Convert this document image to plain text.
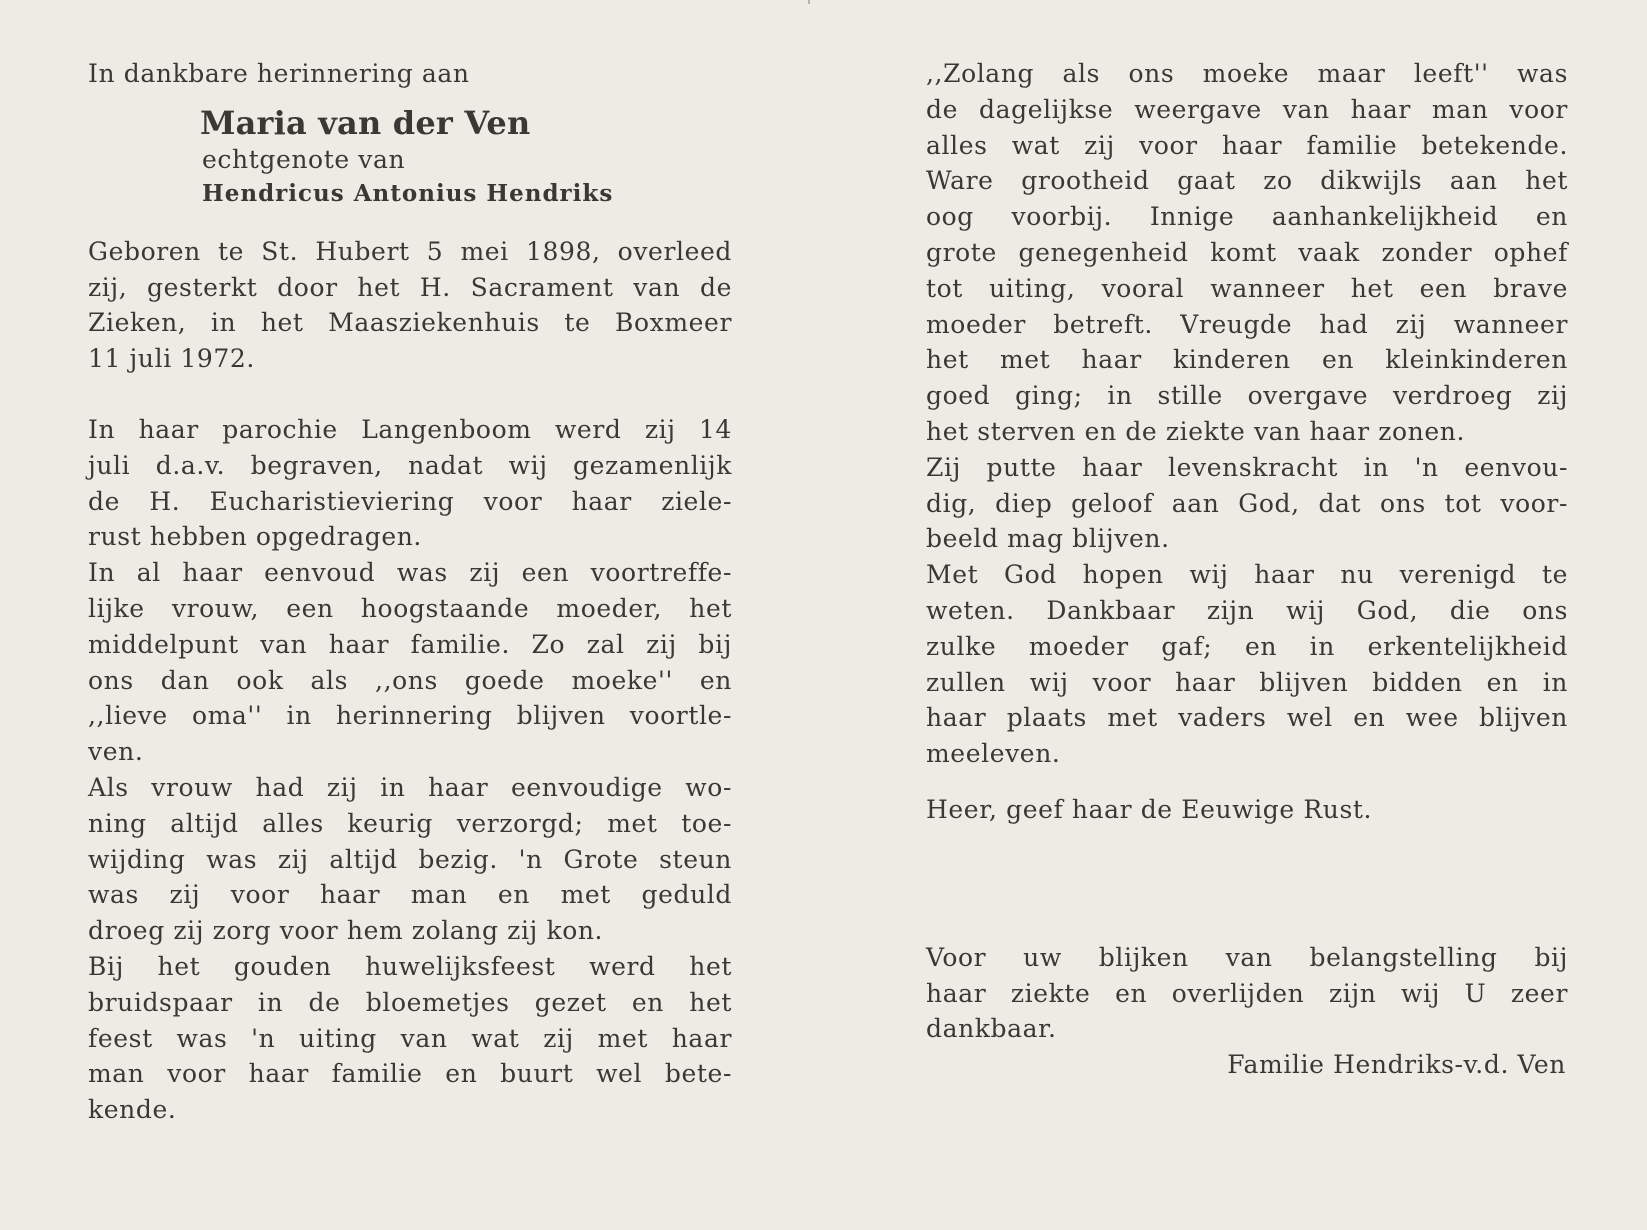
In dankbare herinnering aan
Maria van der Ven
echtgenote van
Hendricus Antonius Hendriks
Geboren te St. Hubert 5 mei 1898, overleed
zij, gesterkt door het H. Sacrament van de
Zieken, in het Maasziekenhuis te Boxmeer
11 juli 1972.
In haar parochie Langenboom werd zij 14
juli d.a.v. begraven, nadat wij gezamenlijk
de H. Eucharistieviering voor haar ziele-
rust hebben opgedragen.
In al haar eenvoud was zij een voortreffe-
lijke vrouw, een hoogstaande moeder, het
middelpunt van haar familie. Zo zal zij bij
ons dan ook als ,,ons goede moeke'' en
,,lieve oma'' in herinnering blijven voortle-
ven.
Als vrouw had zij in haar eenvoudige wo-
ning altijd alles keurig verzorgd; met toe-
wijding was zij altijd bezig. 'n Grote steun
was zij voor haar man en met geduld
droeg zij zorg voor hem zolang zij kon.
Bij het gouden huwelijksfeest werd het
bruidspaar in de bloemetjes gezet en het
feest was 'n uiting van wat zij met haar
man voor haar familie en buurt wel bete-
kende.
,,Zolang als ons moeke maar leeft'' was
de dagelijkse weergave van haar man voor
alles wat zij voor haar familie betekende.
Ware grootheid gaat zo dikwijls aan het
oog voorbij. Innige aanhankelijkheid en
grote genegenheid komt vaak zonder ophef
tot uiting, vooral wanneer het een brave
moeder betreft. Vreugde had zij wanneer
het met haar kinderen en kleinkinderen
goed ging; in stille overgave verdroeg zij
het sterven en de ziekte van haar zonen.
Zij putte haar levenskracht in 'n eenvou-
dig, diep geloof aan God, dat ons tot voor-
beeld mag blijven.
Met God hopen wij haar nu verenigd te
weten. Dankbaar zijn wij God, die ons
zulke moeder gaf; en in erkentelijkheid
zullen wij voor haar blijven bidden en in
haar plaats met vaders wel en wee blijven
meeleven.
Heer, geef haar de Eeuwige Rust.
Voor uw blijken van belangstelling bij
haar ziekte en overlijden zijn wij U zeer
dankbaar.
Familie Hendriks-v.d. Ven
